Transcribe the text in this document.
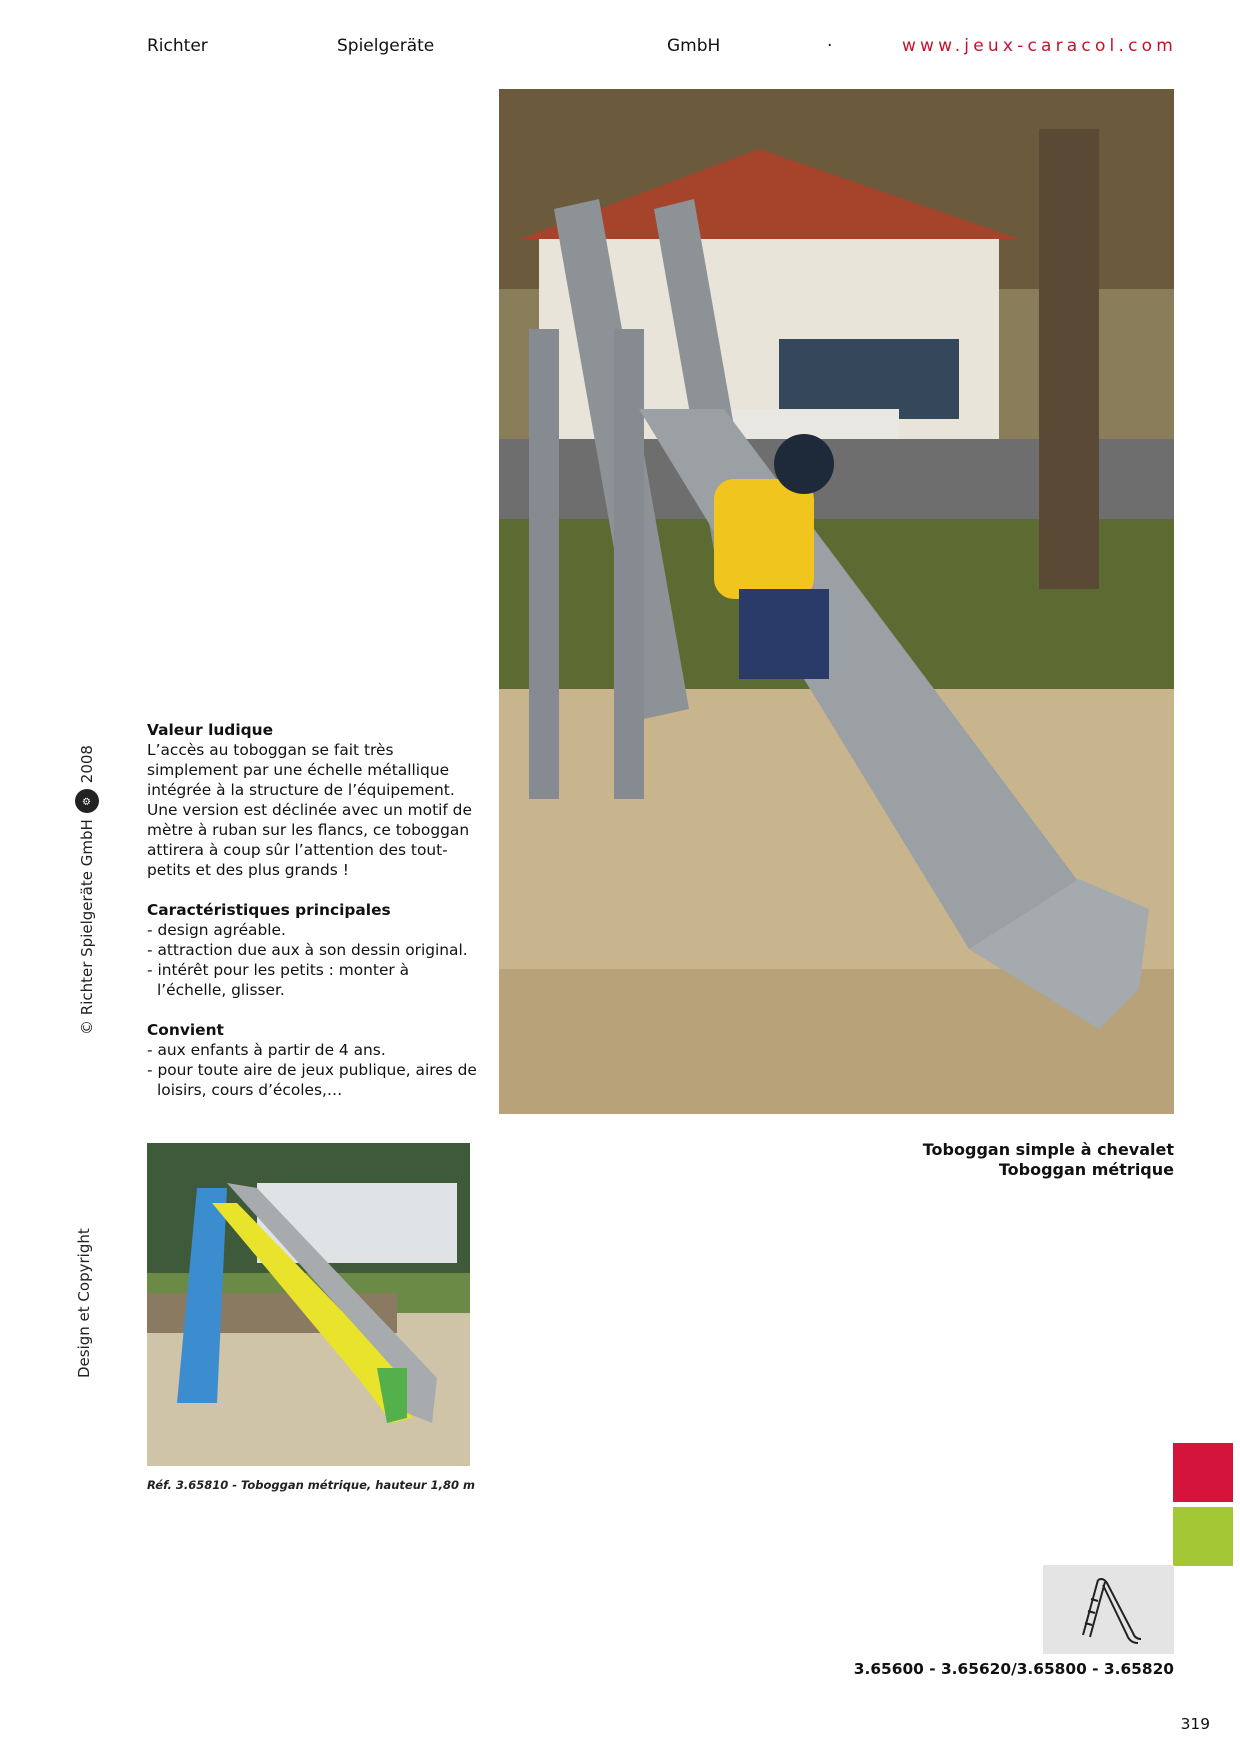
Richter	Spielgeräte	GmbH	·	www.jeux-caracol.com
© Richter Spielgeräte GmbH
⚙
2008
Design et Copyright
Valeur ludique

L’accès au toboggan se fait très simplement par une échelle métallique intégrée à la structure de l’équipement. Une version est déclinée avec un motif de mètre à ruban sur les flancs, ce toboggan attirera à coup sûr l’attention des tout-petits et des plus grands !

Caractéristiques principales
- design agréable.
- attraction due aux à son dessin original.
- intérêt pour les petits : monter à l’échelle, glisser.
Convient
- aux enfants à partir de 4 ans.
- pour toute aire de jeux publique, aires de loisirs, cours d’écoles,…
Réf. 3.65810 - Toboggan métrique, hauteur 1,80 m
Toboggan simple à chevalet
Toboggan métrique
3.65600 - 3.65620/3.65800 - 3.65820
319
